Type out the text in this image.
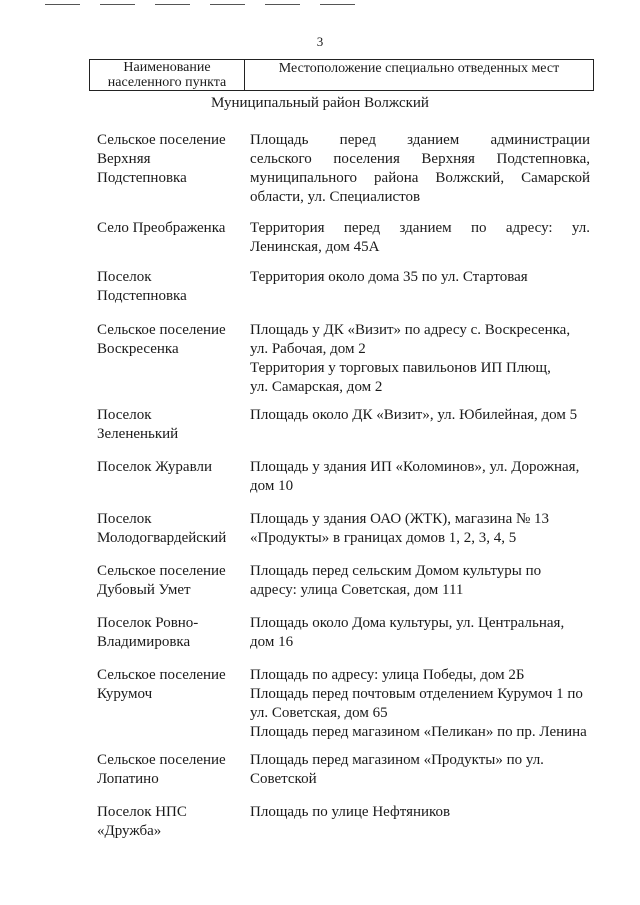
3
Наименование населенного пункта
Местоположение специально отведенных мест
Муниципальный район Волжский
Сельское поселение
Верхняя
Подстепновка
Площадь перед зданием администрации
сельского поселения Верхняя Подстепновка,
муниципального района Волжский, Самарской
области, ул. Специалистов
Село Преображенка	Территория перед зданием по адресу: ул.
Ленинская, дом 45А
Поселок
Подстепновка
Территория около дома 35 по ул. Стартовая
Сельское поселение
Воскресенка
Площадь у ДК «Визит» по адресу с. Воскресенка,
ул. Рабочая, дом 2
Территория у торговых павильонов ИП Плющ,
ул. Самарская, дом 2
Поселок
Зелененький
Площадь около ДК «Визит», ул. Юбилейная, дом 5
Поселок Журавли	Площадь у здания ИП «Коломинов», ул. Дорожная,
дом 10
Поселок
Молодогвардейский
Площадь у здания ОАО (ЖТК), магазина № 13
«Продукты» в границах домов 1, 2, 3, 4, 5
Сельское поселение
Дубовый Умет
Площадь перед сельским Домом культуры по
адресу: улица Советская, дом 111
Поселок Ровно-
Владимировка
Площадь около Дома культуры, ул. Центральная,
дом 16
Сельское поселение
Курумоч
Площадь по адресу: улица Победы, дом 2Б
Площадь перед почтовым отделением Курумоч 1 по
ул. Советская, дом 65
Площадь перед магазином «Пеликан» по пр. Ленина
Сельское поселение
Лопатино
Площадь перед магазином «Продукты» по ул.
Советской
Поселок НПС
«Дружба»
Площадь по улице Нефтяников
